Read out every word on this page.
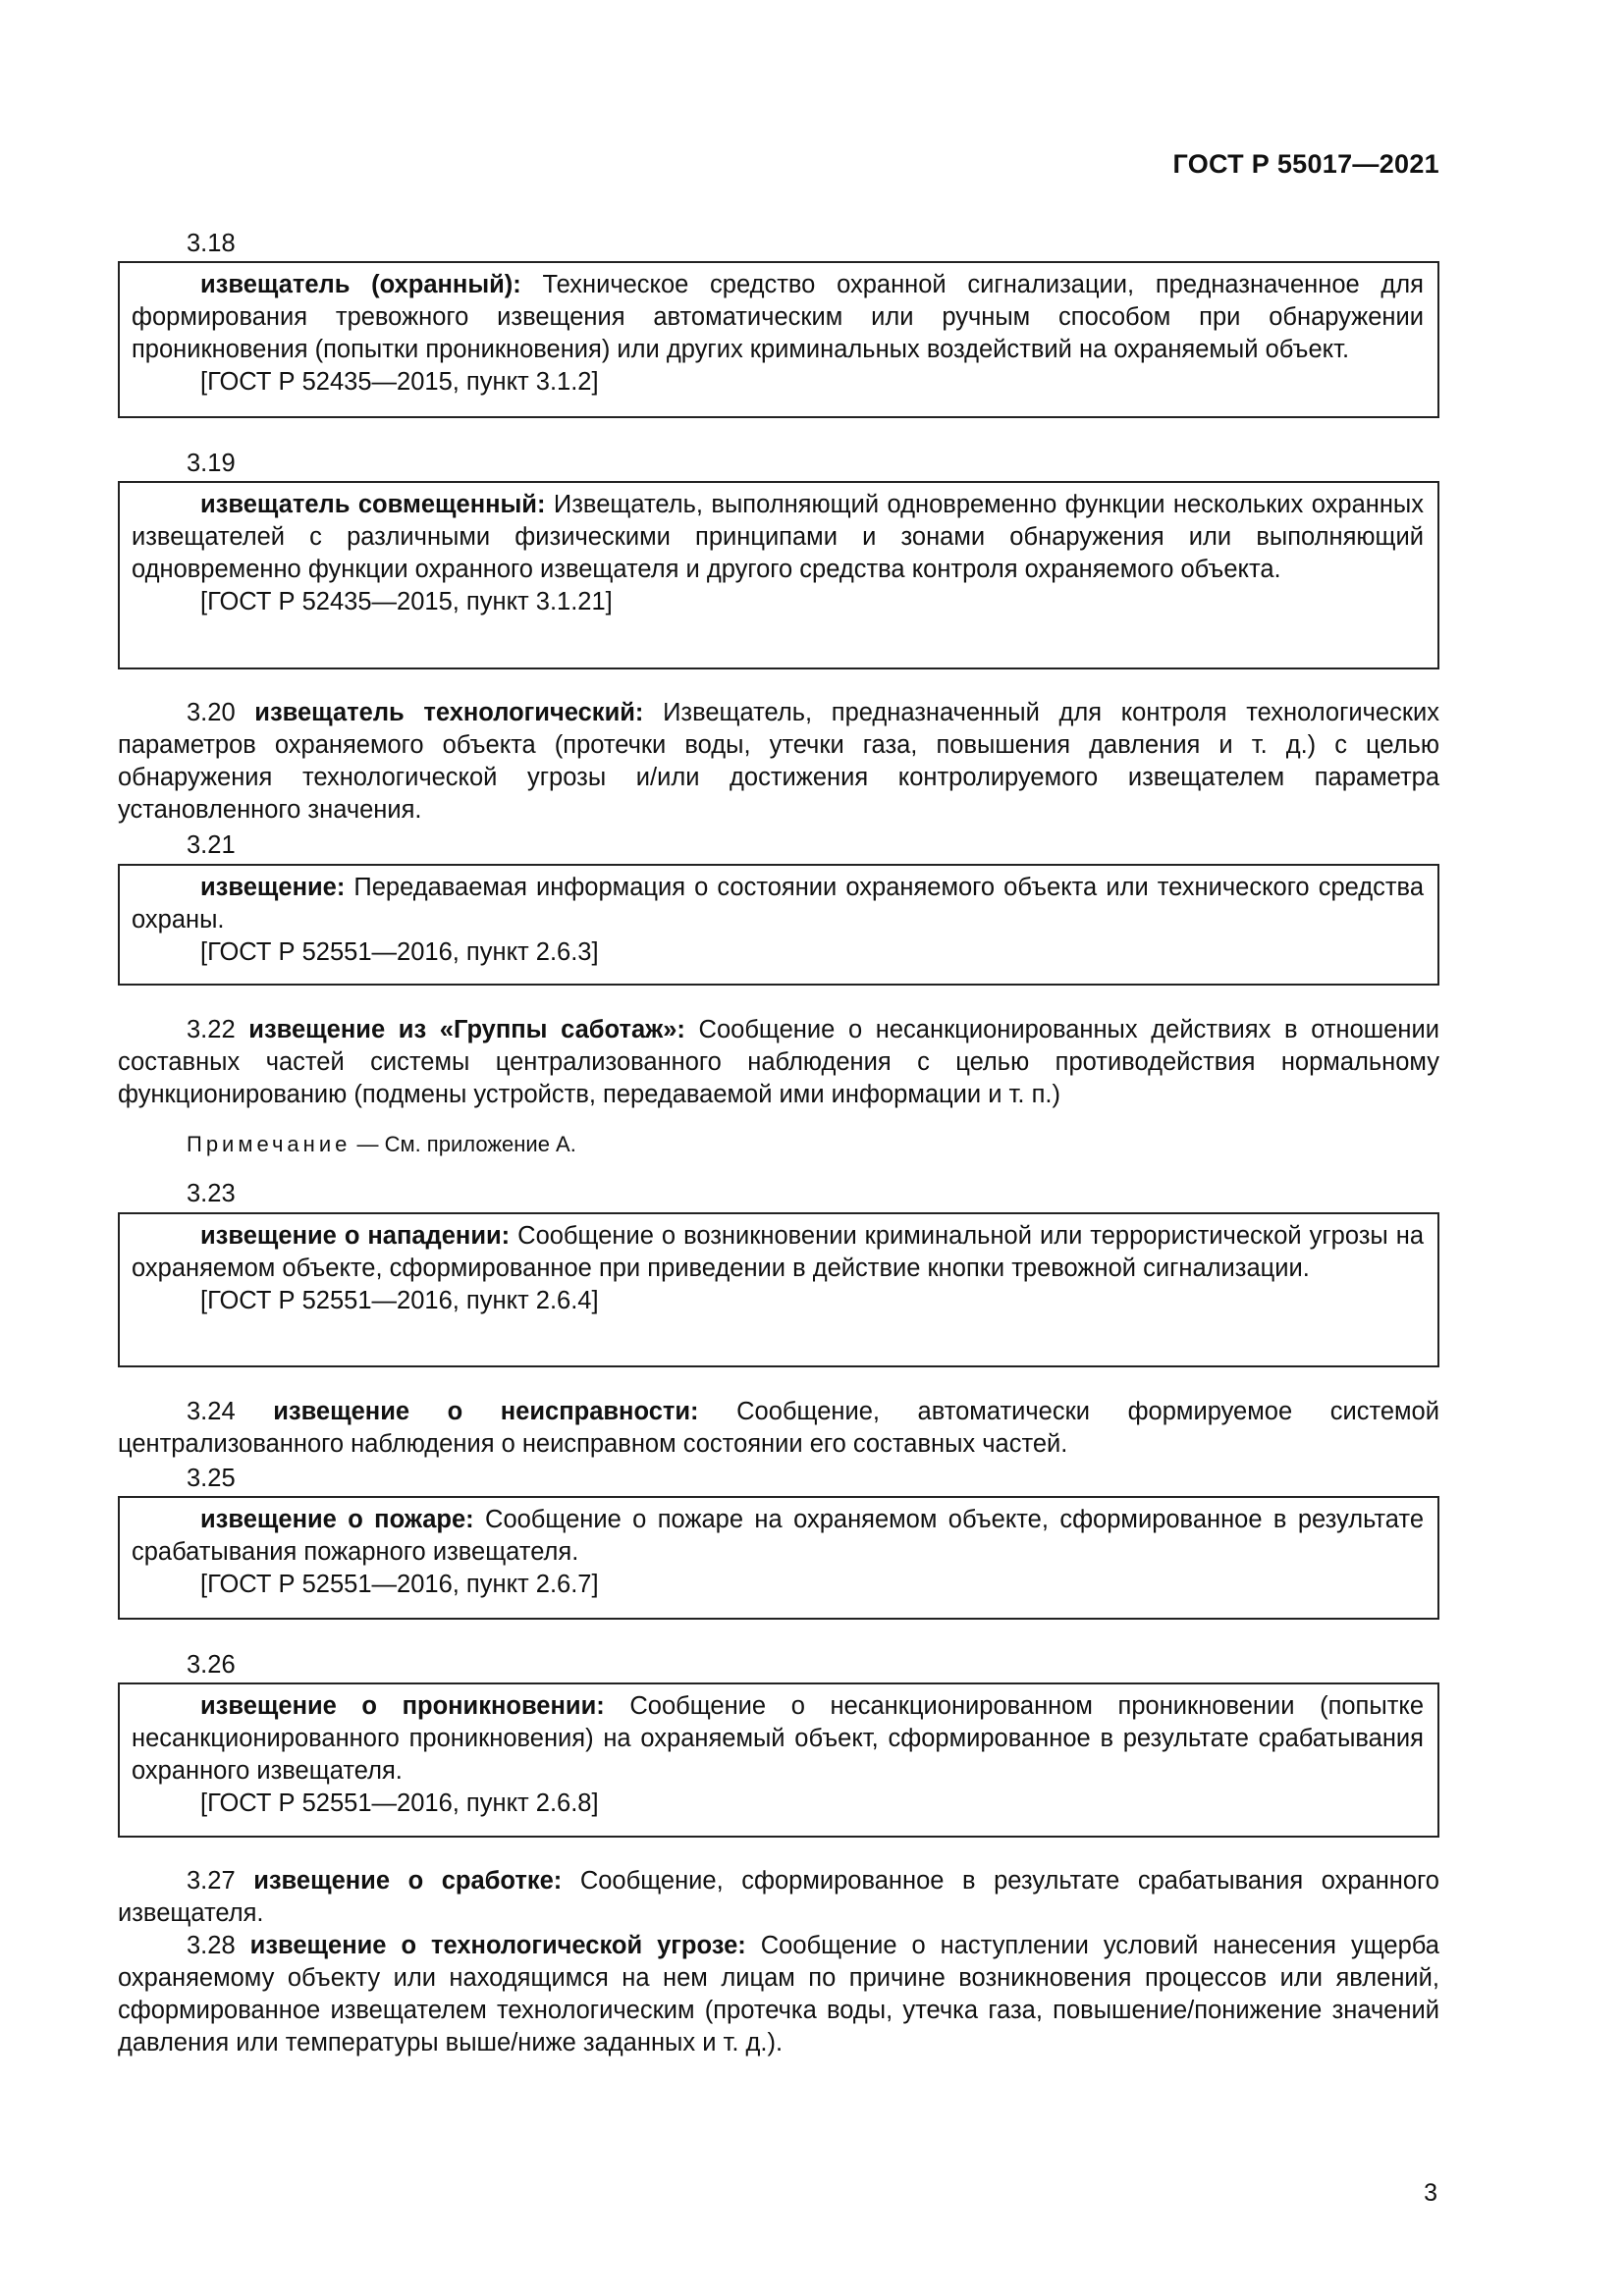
ГОСТ Р 55017—2021
3.18

извещатель (охранный): Техническое средство охранной сигнализации, предназначенное для формирования тревожного извещения автоматическим или ручным способом при обнаружении проникновения (попытки проникновения) или других криминальных воздействий на охраняемый объект.

[ГОСТ Р 52435—2015, пункт 3.1.2]

3.19

извещатель совмещенный: Извещатель, выполняющий одновременно функции нескольких охранных извещателей с различными физическими принципами и зонами обнаружения или выполняющий одновременно функции охранного извещателя и другого средства контроля охраняемого объекта.

[ГОСТ Р 52435—2015, пункт 3.1.21]

3.20 извещатель технологический: Извещатель, предназначенный для контроля технологических параметров охраняемого объекта (протечки воды, утечки газа, повышения давления и т. д.) с целью обнаружения технологической угрозы и/или достижения контролируемого извещателем параметра установленного значения.

3.21

извещение: Передаваемая информация о состоянии охраняемого объекта или технического средства охраны.

[ГОСТ Р 52551—2016, пункт 2.6.3]

3.22 извещение из «Группы саботаж»: Сообщение о несанкционированных действиях в отношении составных частей системы централизованного наблюдения с целью противодействия нормальному функционированию (подмены устройств, передаваемой ими информации и т. п.)

Примечание — См. приложение А.
3.23

извещение о нападении: Сообщение о возникновении криминальной или террористической угрозы на охраняемом объекте, сформированное при приведении в действие кнопки тревожной сигнализации.

[ГОСТ Р 52551—2016, пункт 2.6.4]

3.24 извещение о неисправности: Сообщение, автоматически формируемое системой централизованного наблюдения о неисправном состоянии его составных частей.

3.25

извещение о пожаре: Сообщение о пожаре на охраняемом объекте, сформированное в результате срабатывания пожарного извещателя.

[ГОСТ Р 52551—2016, пункт 2.6.7]

3.26

извещение о проникновении: Сообщение о несанкционированном проникновении (попытке несанкционированного проникновения) на охраняемый объект, сформированное в результате срабатывания охранного извещателя.

[ГОСТ Р 52551—2016, пункт 2.6.8]

3.27 извещение о сработке: Сообщение, сформированное в результате срабатывания охранного извещателя.

3.28 извещение о технологической угрозе: Сообщение о наступлении условий нанесения ущерба охраняемому объекту или находящимся на нем лицам по причине возникновения процессов или явлений, сформированное извещателем технологическим (протечка воды, утечка газа, повышение/понижение значений давления или температуры выше/ниже заданных и т. д.).

3
